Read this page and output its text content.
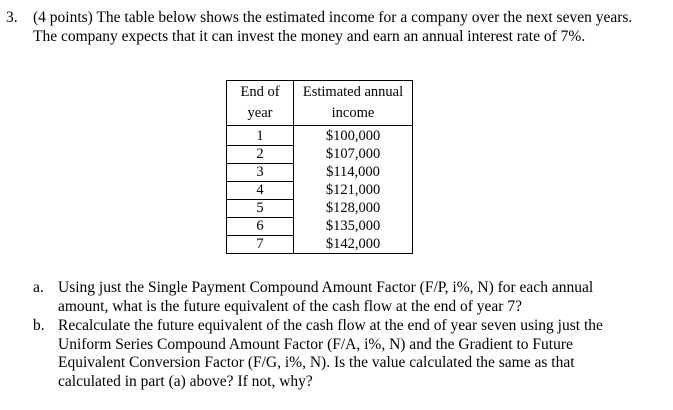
3. (4 points) The table below shows the estimated income for a company over the next seven years. The company expects that it can invest the money and earn an annual interest rate of 7%.
End of
year	Estimated annual
income

1	$100,000
2	$107,000
3	$114,000
4	$121,000
5	$128,000
6	$135,000
7	$142,000
a. Using just the Single Payment Compound Amount Factor (F/P, i%, N) for each annual amount, what is the future equivalent of the cash flow at the end of year 7?
b. Recalculate the future equivalent of the cash flow at the end of year seven using just the Uniform Series Compound Amount Factor (F/A, i%, N) and the Gradient to Future Equivalent Conversion Factor (F/G, i%, N). Is the value calculated the same as that calculated in part (a) above? If not, why?
